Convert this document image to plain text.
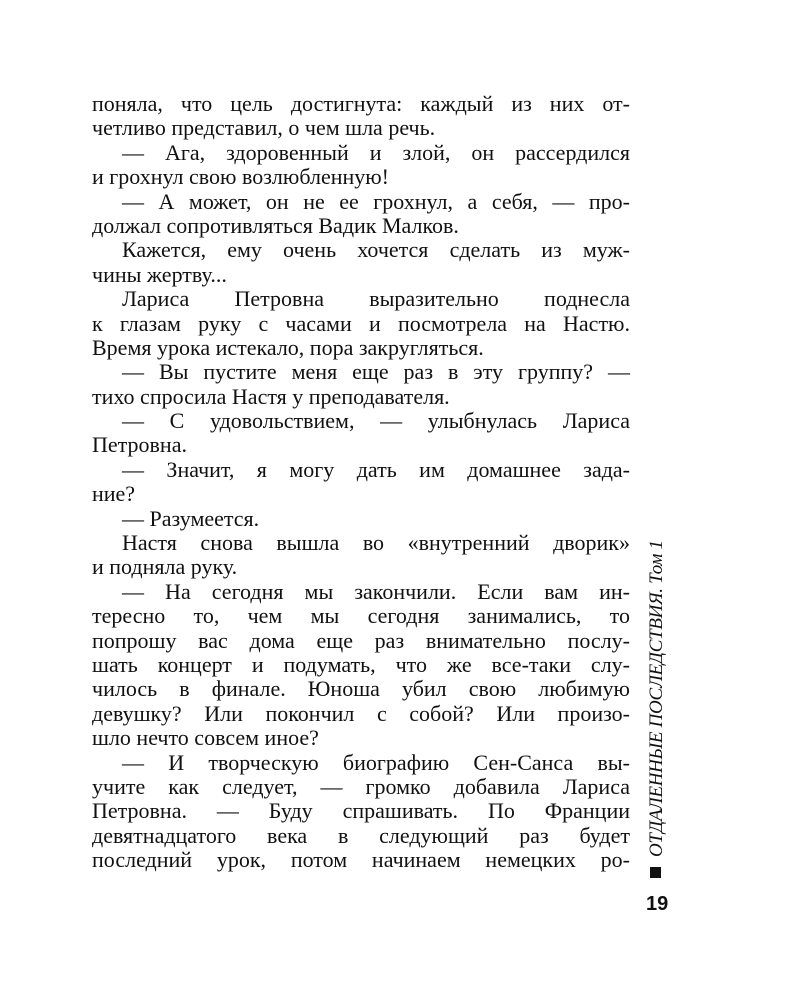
поняла, что цель достигнута: каждый из них от-
четливо представил, о чем шла речь.
— Ага, здоровенный и злой, он рассердился
и грохнул свою возлюбленную!
— А может, он не ее грохнул, а себя, — про-
должал сопротивляться Вадик Малков.
Кажется, ему очень хочется сделать из муж-
чины жертву...
Лариса Петровна выразительно поднесла
к глазам руку с часами и посмотрела на Настю.
Время урока истекало, пора закругляться.
— Вы пустите меня еще раз в эту группу? —
тихо спросила Настя у преподавателя.
— С удовольствием, — улыбнулась Лариса
Петровна.
— Значит, я могу дать им домашнее зада-
ние?
— Разумеется.
Настя снова вышла во «внутренний дворик»
и подняла руку.
— На сегодня мы закончили. Если вам ин-
тересно то, чем мы сегодня занимались, то
попрошу вас дома еще раз внимательно послу-
шать концерт и подумать, что же все-таки слу-
чилось в финале. Юноша убил свою любимую
девушку? Или покончил с собой? Или произо-
шло нечто совсем иное?
— И творческую биографию Сен-Санса вы-
учите как следует, — громко добавила Лариса
Петровна. — Буду спрашивать. По Франции
девятнадцатого века в следующий раз будет
последний урок, потом начинаем немецких ро-
ОТДАЛЕННЫЕ ПОСЛЕДСТВИЯ. Том 1
19
